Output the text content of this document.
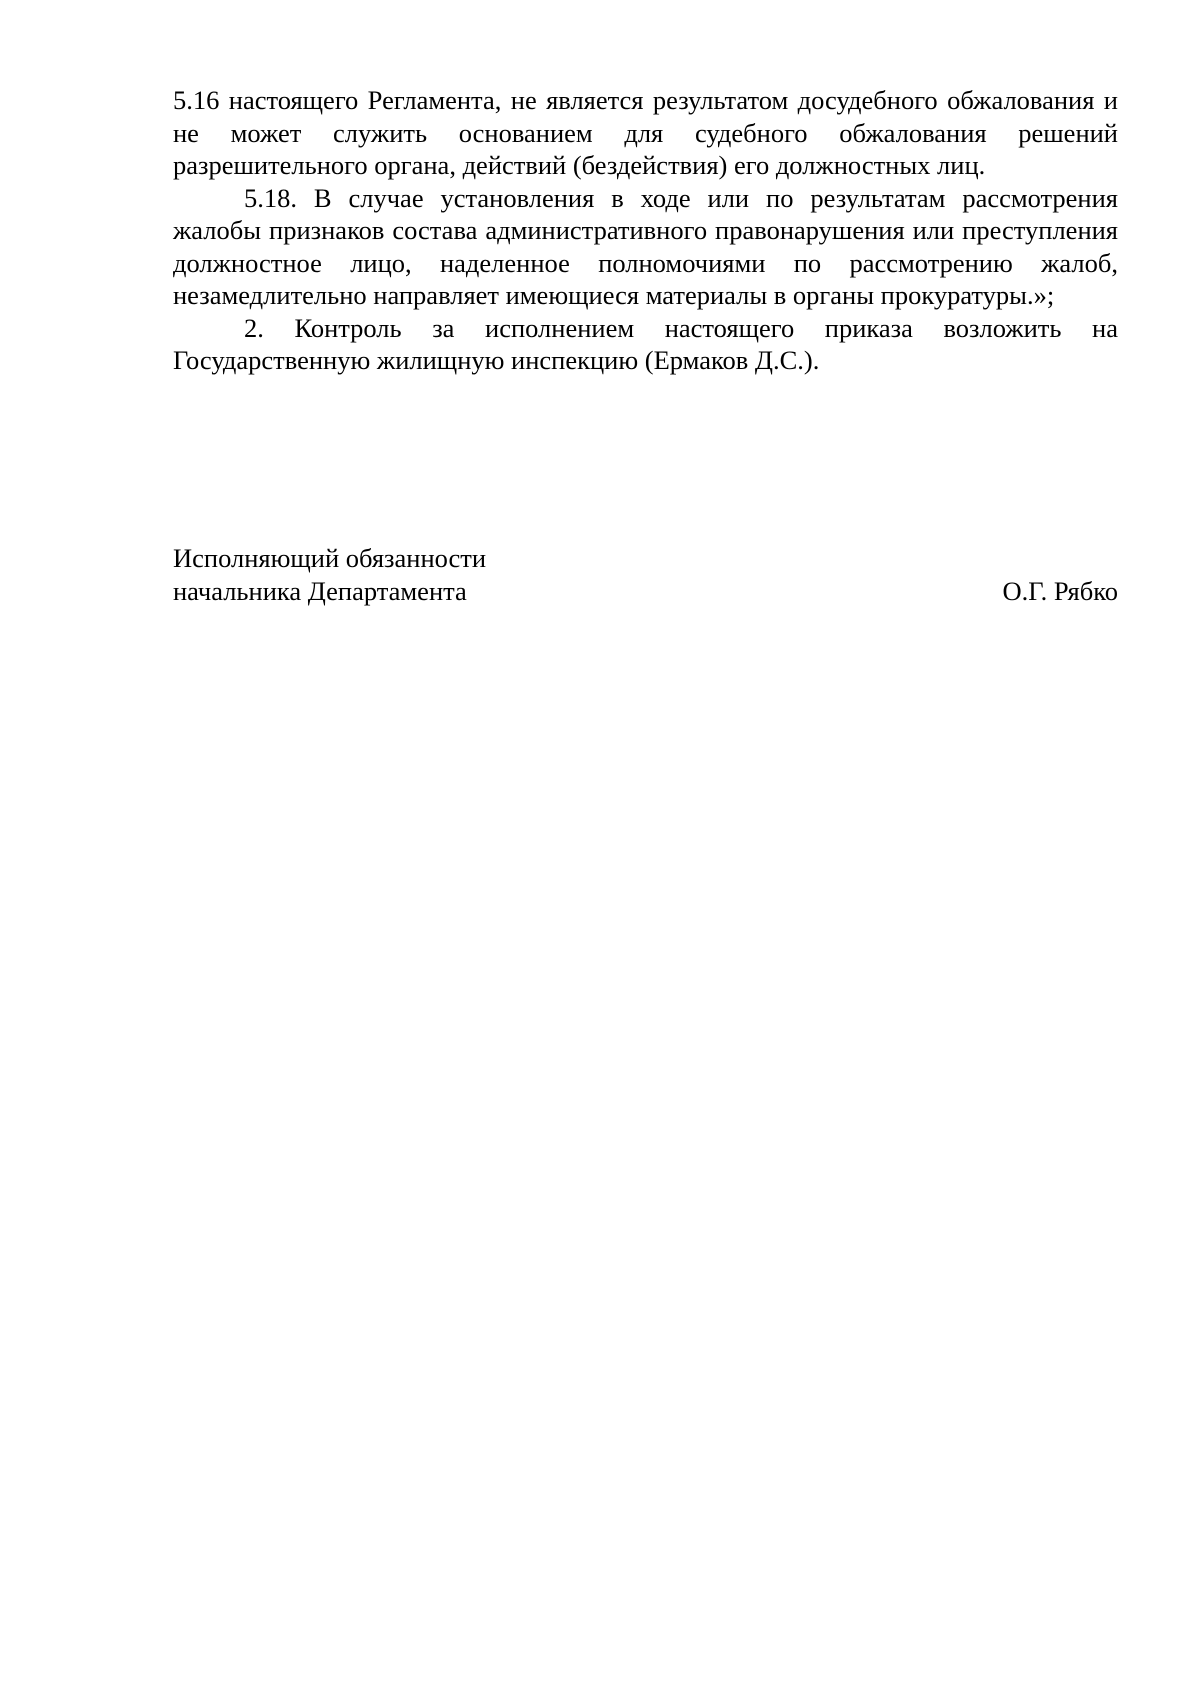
5.16 настоящего Регламента, не является результатом досудебного обжалования и не может служить основанием для судебного обжалования решений разрешительного органа, действий (бездействия) его должностных лиц.

5.18. В случае установления в ходе или по результатам рассмотрения жалобы признаков состава административного правонарушения или преступления должностное лицо, наделенное полномочиями по рассмотрению жалоб, незамедлительно направляет имеющиеся материалы в органы прокуратуры.»;

2. Контроль за исполнением настоящего приказа возложить на Государственную жилищную инспекцию (Ермаков Д.С.).

Исполняющий обязанности
начальника Департамента	О.Г. Рябко
